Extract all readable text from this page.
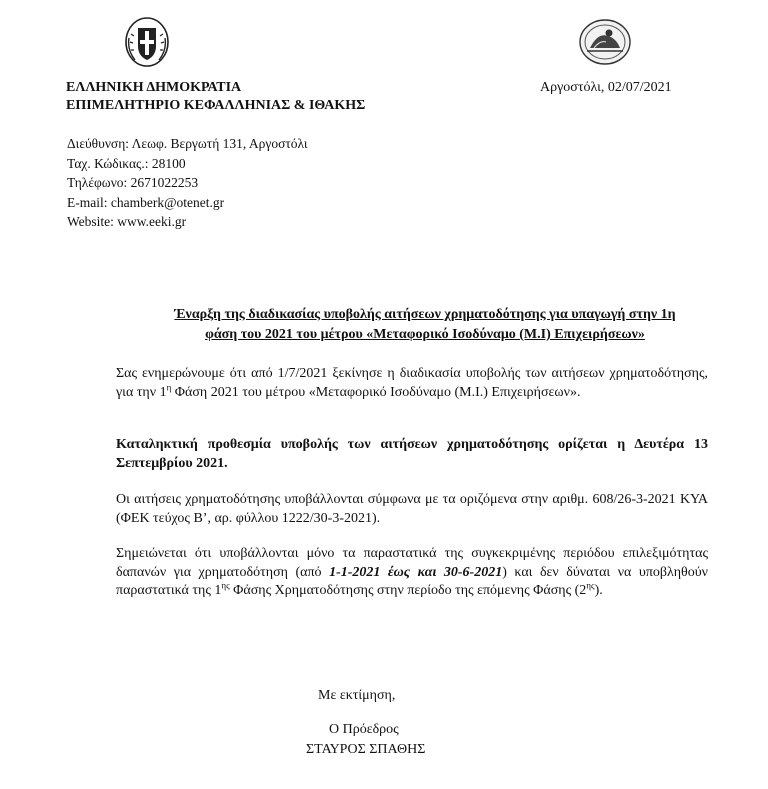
ΕΛΛΗΝΙΚΗ ΔΗΜΟΚΡΑΤΙΑ
ΕΠΙΜΕΛΗΤΗΡΙΟ ΚΕΦΑΛΛΗΝΙΑΣ & ΙΘΑΚΗΣ
Αργοστόλι, 02/07/2021
Διεύθυνση: Λεωφ. Βεργωτή 131, Αργοστόλι
Ταχ. Κώδικας.: 28100
Τηλέφωνο: 2671022253
E-mail: chamberk@otenet.gr
Website: www.eeki.gr
Έναρξη της διαδικασίας υποβολής αιτήσεων χρηματοδότησης για υπαγωγή στην 1η
φάση του 2021 του μέτρου «Μεταφορικό Ισοδύναμο (Μ.Ι) Επιχειρήσεων»
Σας ενημερώνουμε ότι από 1/7/2021 ξεκίνησε η διαδικασία υποβολής των αιτήσεων χρηματοδότησης, για την $1^\eta$ Φάση 2021 του μέτρου «Μεταφορικό Ισοδύναμο (Μ.Ι.) Επιχειρήσεων».
Καταληκτική προθεσμία υποβολής των αιτήσεων χρηματοδότησης ορίζεται η Δευτέρα 13 Σεπτεμβρίου 2021.
Οι αιτήσεις χρηματοδότησης υποβάλλονται σύμφωνα με τα οριζόμενα στην αριθμ. 608/26-3-2021 ΚΥΑ (ΦΕΚ τεύχος Β’, αρ. φύλλου 1222/30-3-2021).
Σημειώνεται ότι υποβάλλονται μόνο τα παραστατικά της συγκεκριμένης περιόδου επιλεξιμότητας δαπανών για χρηματοδότηση (από 1-1-2021 έως και 30-6-2021) και δεν δύναται να υποβληθούν παραστατικά της $1^{\eta\varsigma}$ Φάσης Χρηματοδότησης στην περίοδο της επόμενης Φάσης $(2^{\eta\varsigma})$.
Με εκτίμηση,
Ο Πρόεδρος
ΣΤΑΥΡΟΣ ΣΠΑΘΗΣ
